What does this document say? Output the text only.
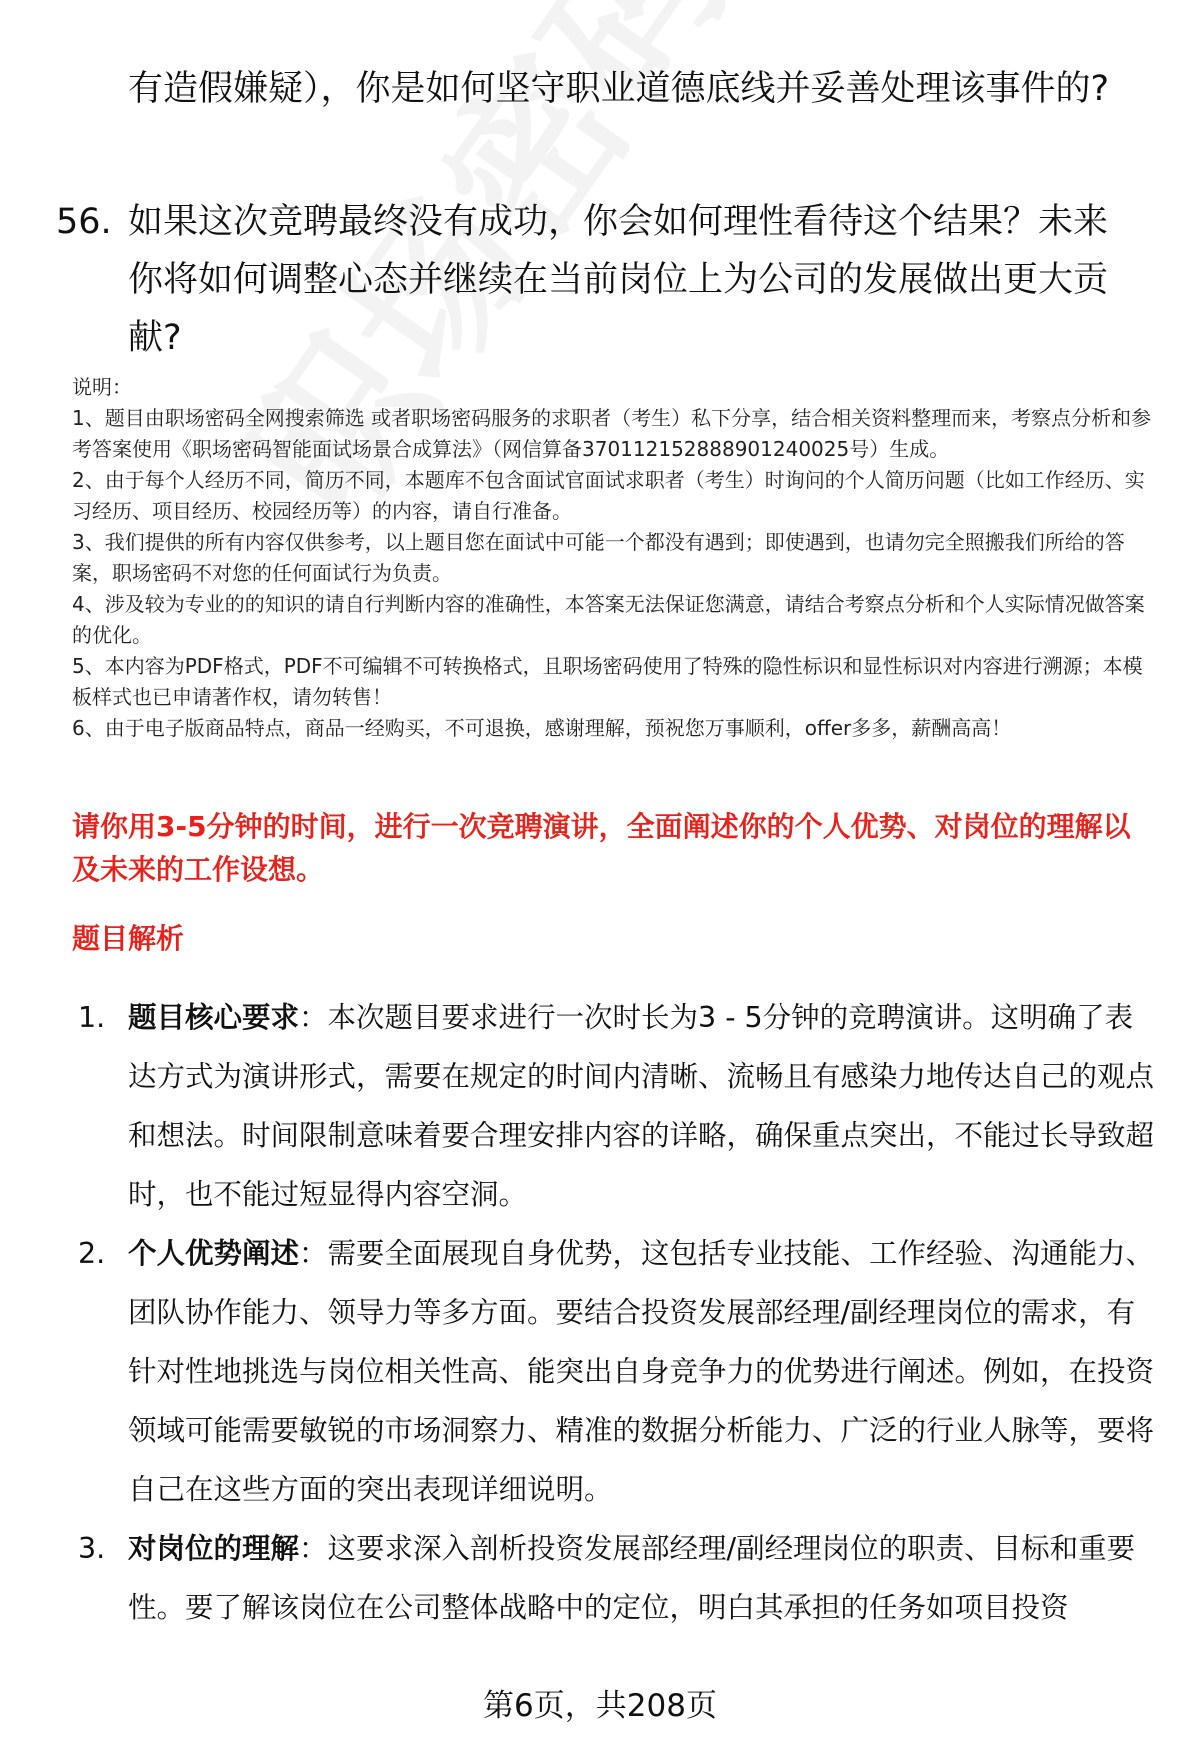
有造假嫌疑），你是如何坚守职业道德底线并妥善处理该事件的?
56. 如果这次竞聘最终没有成功，你会如何理性看待这个结果？未来你将如何调整心态并继续在当前岗位上为公司的发展做出更大贡献?
说明：
1、题目由职场密码全网搜索筛选 或者职场密码服务的求职者（考生）私下分享，结合相关资料整理而来，考察点分析和参考答案使用《职场密码智能面试场景合成算法》（网信算备370112152888901240025号）生成。
2、由于每个人经历不同，简历不同，本题库不包含面试官面试求职者（考生）时询问的个人简历问题（比如工作经历、实习经历、项目经历、校园经历等）的内容，请自行准备。
3、我们提供的所有内容仅供参考，以上题目您在面试中可能一个都没有遇到；即使遇到，也请勿完全照搬我们所给的答案，职场密码不对您的任何面试行为负责。
4、涉及较为专业的的知识的请自行判断内容的准确性，本答案无法保证您满意，请结合考察点分析和个人实际情况做答案的优化。
5、本内容为PDF格式，PDF不可编辑不可转换格式，且职场密码使用了特殊的隐性标识和显性标识对内容进行溯源；本模板样式也已申请著作权，请勿转售！
6、由于电子版商品特点，商品一经购买，不可退换，感谢理解，预祝您万事顺利，offer多多，薪酬高高！
请你用3-5分钟的时间，进行一次竞聘演讲，全面阐述你的个人优势、对岗位的理解以及未来的工作设想。
题目解析
1. 题目核心要求：本次题目要求进行一次时长为3 - 5分钟的竞聘演讲。这明确了表达方式为演讲形式，需要在规定的时间内清晰、流畅且有感染力地传达自己的观点和想法。时间限制意味着要合理安排内容的详略，确保重点突出，不能过长导致超时，也不能过短显得内容空洞。
2. 个人优势阐述：需要全面展现自身优势，这包括专业技能、工作经验、沟通能力、团队协作能力、领导力等多方面。要结合投资发展部经理/副经理岗位的需求，有针对性地挑选与岗位相关性高、能突出自身竞争力的优势进行阐述。例如，在投资领域可能需要敏锐的市场洞察力、精准的数据分析能力、广泛的行业人脉等，要将自己在这些方面的突出表现详细说明。
3. 对岗位的理解：这要求深入剖析投资发展部经理/副经理岗位的职责、目标和重要性。要了解该岗位在公司整体战略中的定位，明白其承担的任务如项目投资
第6页，共208页
